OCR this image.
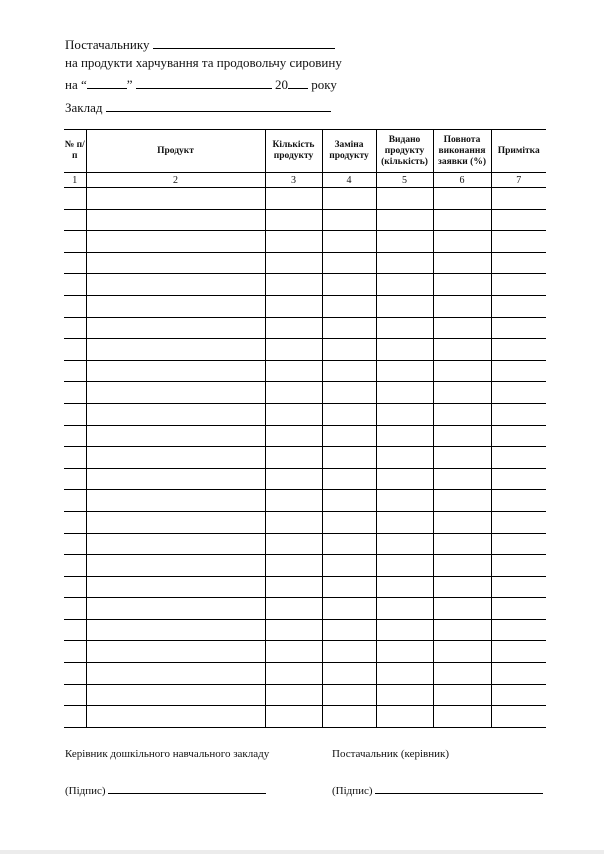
Постачальнику
на продукти харчування та продовольчу сировину
на “	”	20 року
Заклад
№ п/п	Продукт	Кількість продукту	Заміна продукту	Видано продукту (кількість)	Повнота виконання заявки (%)	Примітка
1	2	3	4	5	6	7

Керівник дошкільного навчального закладу	Постачальник (керівник)
(Підпис)	(Підпис)
